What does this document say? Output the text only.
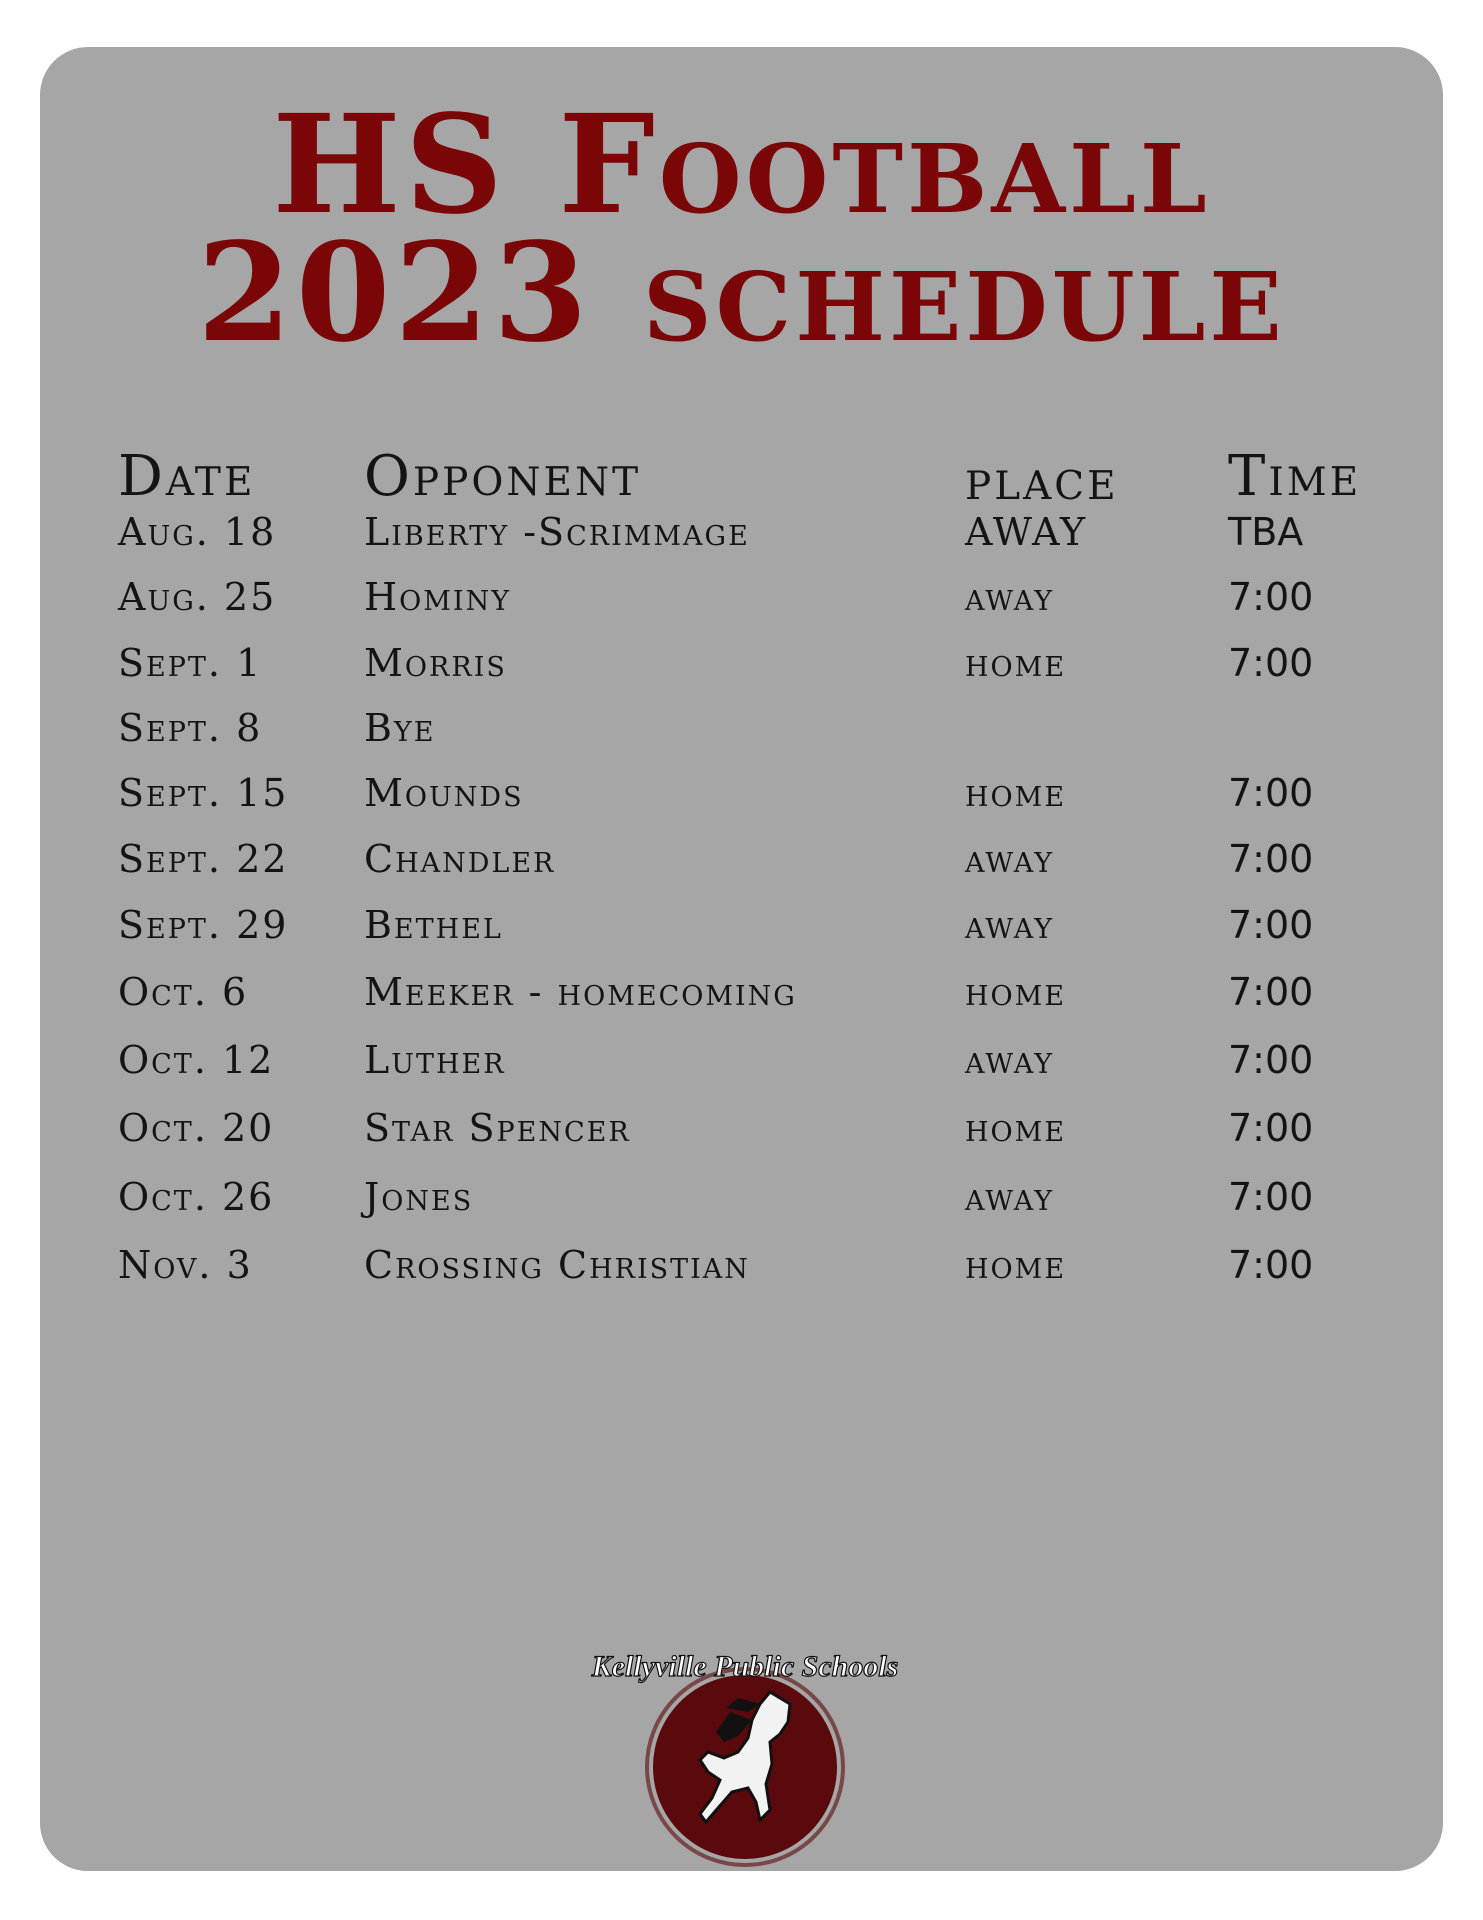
HS Football
2023 schedule
Date Opponent	place Time
Aug. 18 Liberty -Scrimmage	AWAY	TBA
Aug. 25 Hominy	away	7:00
Sept. 1	Morris	home	7:00
Sept. 8	Bye
Sept. 15 Mounds	home	7:00
Sept. 22 Chandler	away	7:00
Sept. 29 Bethel	away	7:00
Oct. 6	Meeker - homecoming	home	7:00
Oct. 12 Luther	away	7:00
Oct. 20 Star Spencer	home	7:00
Oct. 26 Jones	away	7:00
Nov. 3	Crossing Christian	home	7:00
Kellyville Public Schools
